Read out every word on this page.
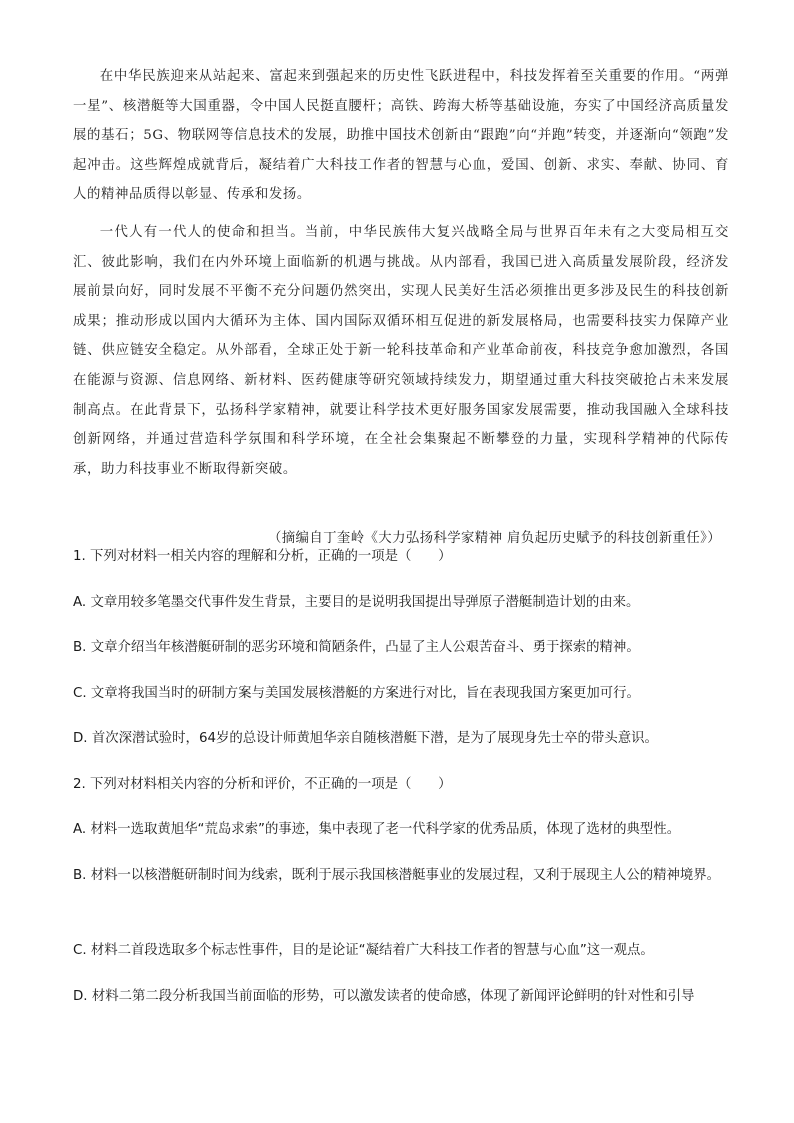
在中华民族迎来从站起来、富起来到强起来的历史性飞跃进程中，科技发挥着至关重要的作用。“两弹一星”、核潜艇等大国重器，令中国人民挺直腰杆；高铁、跨海大桥等基础设施，夯实了中国经济高质量发展的基石；5G、物联网等信息技术的发展，助推中国技术创新由“跟跑”向“并跑”转变，并逐渐向“领跑”发起冲击。这些辉煌成就背后，凝结着广大科技工作者的智慧与心血，爱国、创新、求实、奉献、协同、育人的精神品质得以彰显、传承和发扬。

一代人有一代人的使命和担当。当前，中华民族伟大复兴战略全局与世界百年未有之大变局相互交汇、彼此影响，我们在内外环境上面临新的机遇与挑战。从内部看，我国已进入高质量发展阶段，经济发展前景向好，同时发展不平衡不充分问题仍然突出，实现人民美好生活必须推出更多涉及民生的科技创新成果；推动形成以国内大循环为主体、国内国际双循环相互促进的新发展格局，也需要科技实力保障产业链、供应链安全稳定。从外部看，全球正处于新一轮科技革命和产业革命前夜，科技竞争愈加激烈，各国在能源与资源、信息网络、新材料、医药健康等研究领域持续发力，期望通过重大科技突破抢占未来发展制高点。在此背景下，弘扬科学家精神，就要让科学技术更好服务国家发展需要，推动我国融入全球科技创新网络，并通过营造科学氛围和科学环境，在全社会集聚起不断攀登的力量，实现科学精神的代际传承，助力科技事业不断取得新突破。

（摘编自丁奎岭《大力弘扬科学家精神 肩负起历史赋予的科技创新重任》）

1. 下列对材料一相关内容的理解和分析，正确的一项是（　　）

A. 文章用较多笔墨交代事件发生背景，主要目的是说明我国提出导弹原子潜艇制造计划的由来。

B. 文章介绍当年核潜艇研制的恶劣环境和简陋条件，凸显了主人公艰苦奋斗、勇于探索的精神。

C. 文章将我国当时的研制方案与美国发展核潜艇的方案进行对比，旨在表现我国方案更加可行。

D. 首次深潜试验时，64岁的总设计师黄旭华亲自随核潜艇下潜，是为了展现身先士卒的带头意识。

2. 下列对材料相关内容的分析和评价，不正确的一项是（　　）

A. 材料一选取黄旭华“荒岛求索”的事迹，集中表现了老一代科学家的优秀品质，体现了选材的典型性。

B. 材料一以核潜艇研制时间为线索，既利于展示我国核潜艇事业的发展过程，又利于展现主人公的精神境界。

C. 材料二首段选取多个标志性事件，目的是论证“凝结着广大科技工作者的智慧与心血”这一观点。

D. 材料二第二段分析我国当前面临的形势，可以激发读者的使命感，体现了新闻评论鲜明的针对性和引导
